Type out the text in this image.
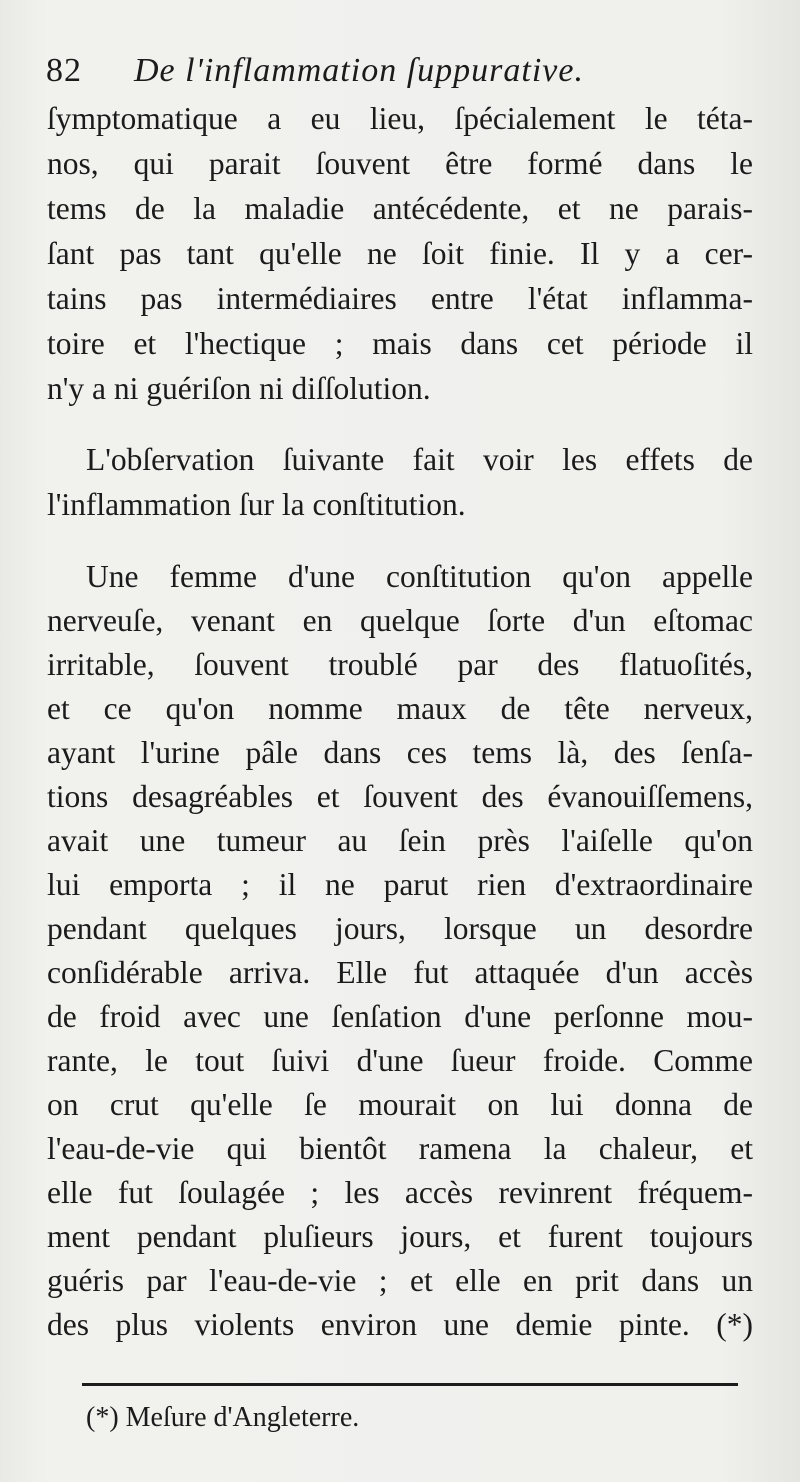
82 De l'inflammation ſuppurative.
ſymptomatique a eu lieu, ſpécialement le téta-
nos, qui parait ſouvent être formé dans le
tems de la maladie antécédente, et ne parais-
ſant pas tant qu'elle ne ſoit finie. Il y a cer-
tains pas intermédiaires entre l'état inflamma-
toire et l'hectique ; mais dans cet période il
n'y a ni guériſon ni diſſolution.
L'obſervation ſuivante fait voir les effets de
l'inflammation ſur la conſtitution.
Une femme d'une conſtitution qu'on appelle
nerveuſe, venant en quelque ſorte d'un eſtomac
irritable, ſouvent troublé par des flatuoſités,
et ce qu'on nomme maux de tête nerveux,
ayant l'urine pâle dans ces tems là, des ſenſa-
tions desagréables et ſouvent des évanouiſſemens,
avait une tumeur au ſein près l'aiſelle qu'on
lui emporta ; il ne parut rien d'extraordinaire
pendant quelques jours, lorsque un desordre
conſidérable arriva. Elle fut attaquée d'un accès
de froid avec une ſenſation d'une perſonne mou-
rante, le tout ſuivi d'une ſueur froide. Comme
on crut qu'elle ſe mourait on lui donna de
l'eau-de-vie qui bientôt ramena la chaleur, et
elle fut ſoulagée ; les accès revinrent fréquem-
ment pendant pluſieurs jours, et furent toujours
guéris par l'eau-de-vie ; et elle en prit dans un
des plus violents environ une demie pinte. (*)
(*) Meſure d'Angleterre.
